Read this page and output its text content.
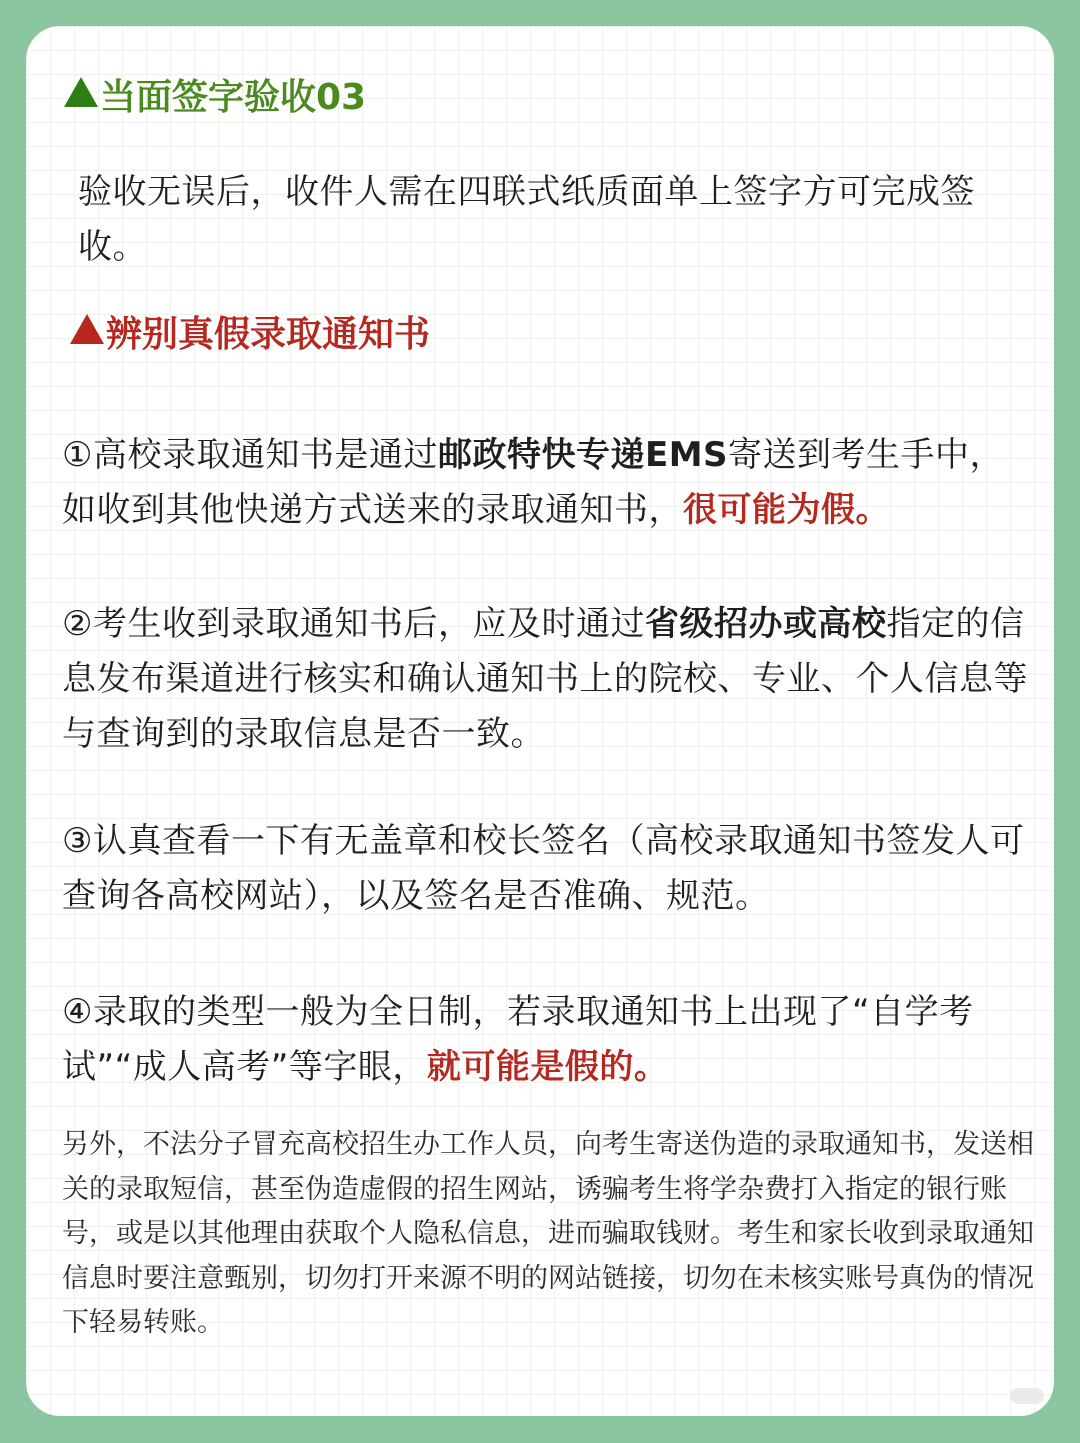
当面签字验收03
验收无误后，收件人需在四联式纸质面单上签字方可完成签收。
辨别真假录取通知书
①高校录取通知书是通过邮政特快专递EMS寄送到考生手中，如收到其他快递方式送来的录取通知书，很可能为假。
②考生收到录取通知书后，应及时通过省级招办或高校指定的信息发布渠道进行核实和确认通知书上的院校、专业、个人信息等与查询到的录取信息是否一致。
③认真查看一下有无盖章和校长签名（高校录取通知书签发人可查询各高校网站），以及签名是否准确、规范。
④录取的类型一般为全日制，若录取通知书上出现了“自学考试”“成人高考”等字眼，就可能是假的。
另外，不法分子冒充高校招生办工作人员，向考生寄送伪造的录取通知书，发送相关的录取短信，甚至伪造虚假的招生网站，诱骗考生将学杂费打入指定的银行账号，或是以其他理由获取个人隐私信息，进而骗取钱财。考生和家长收到录取通知信息时要注意甄别，切勿打开来源不明的网站链接，切勿在未核实账号真伪的情况下轻易转账。
